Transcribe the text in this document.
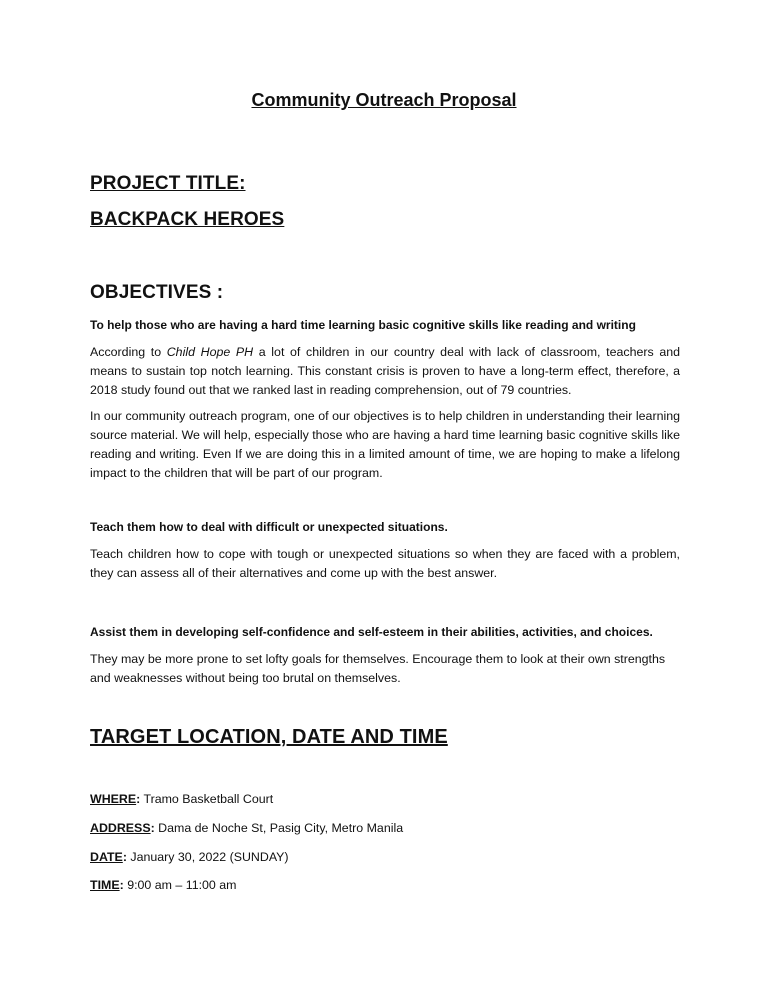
Community Outreach Proposal
PROJECT TITLE:
BACKPACK HEROES
OBJECTIVES :

To help those who are having a hard time learning basic cognitive skills like reading and writing

According to Child Hope PH a lot of children in our country deal with lack of classroom, teachers and means to sustain top notch learning. This constant crisis is proven to have a long-term effect, therefore, a 2018 study found out that we ranked last in reading comprehension, out of 79 countries.

In our community outreach program, one of our objectives is to help children in understanding their learning source material. We will help, especially those who are having a hard time learning basic cognitive skills like reading and writing. Even If we are doing this in a limited amount of time, we are hoping to make a lifelong impact to the children that will be part of our program.

Teach them how to deal with difficult or unexpected situations.

Teach children how to cope with tough or unexpected situations so when they are faced with a problem, they can assess all of their alternatives and come up with the best answer.

Assist them in developing self-confidence and self-esteem in their abilities, activities, and choices.

They may be more prone to set lofty goals for themselves. Encourage them to look at their own strengths and weaknesses without being too brutal on themselves.

TARGET LOCATION, DATE AND TIME

WHERE: Tramo Basketball Court

ADDRESS: Dama de Noche St, Pasig City, Metro Manila

DATE: January 30, 2022 (SUNDAY)

TIME: 9:00 am – 11:00 am
